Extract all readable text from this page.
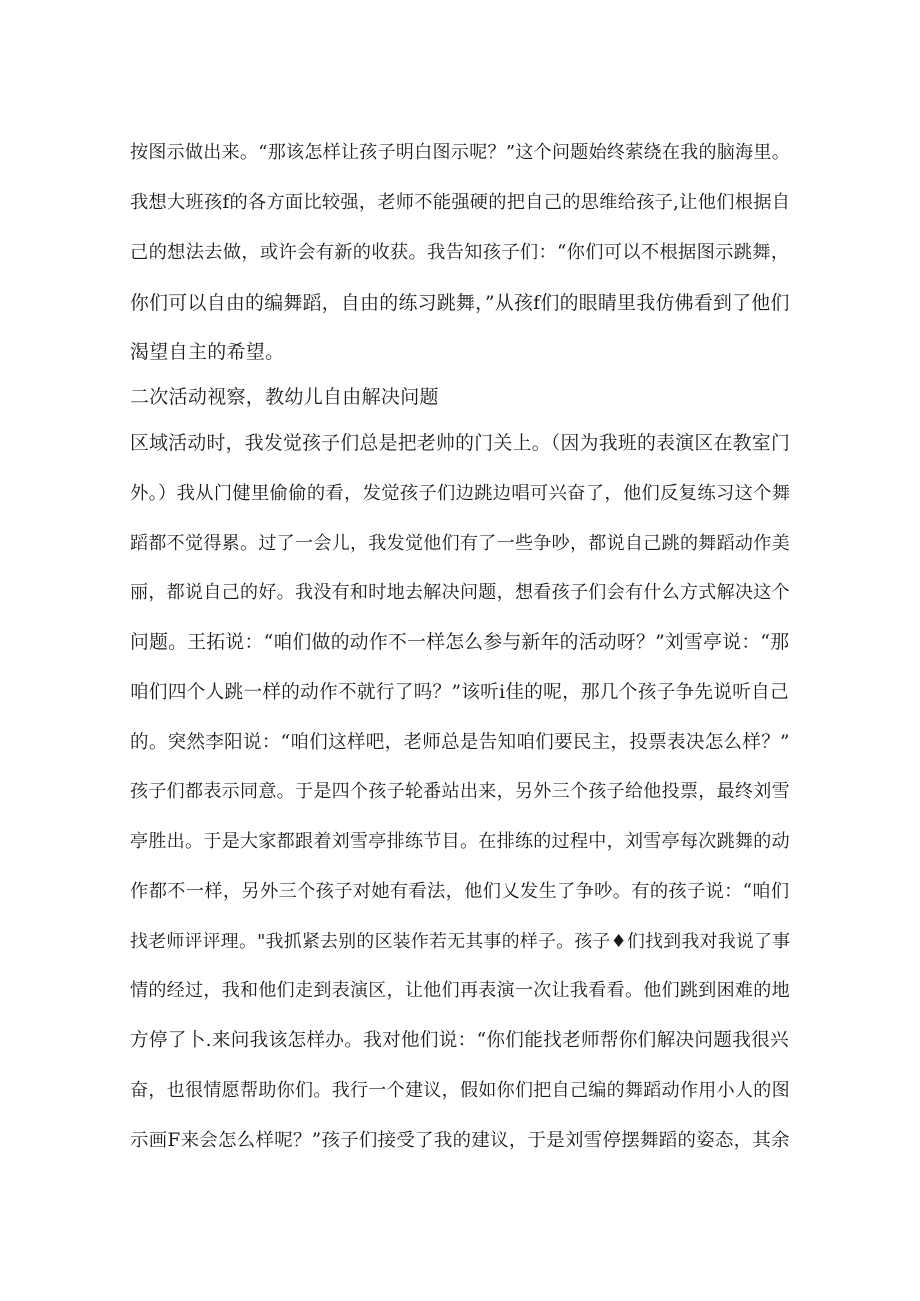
按图示做出来。“那该怎样让孩子明白图示呢？”这个问题始终萦绕在我的脑海里。

我想大班孩f的各方面比较强，老师不能强硬的把自己的思维给孩子,让他们根据自

己的想法去做，或许会有新的收获。我告知孩子们：“你们可以不根据图示跳舞，

你们可以自由的编舞蹈，自由的练习跳舞，”从孩f们的眼睛里我仿佛看到了他们

渴望自主的希望。

二次活动视察，教幼儿自由解决问题

区域活动时，我发觉孩子们总是把老帅的门关上。（因为我班的表演区在教室门

外。）我从门健里偷偷的看，发觉孩子们边跳边唱可兴奋了，他们反复练习这个舞

蹈都不觉得累。过了一会儿，我发觉他们有了一些争吵，都说自己跳的舞蹈动作美

丽，都说自己的好。我没有和时地去解决问题，想看孩子们会有什么方式解决这个

问题。王拓说：“咱们做的动作不一样怎么参与新年的活动呀？”刘雪亭说：“那

咱们四个人跳一样的动作不就行了吗？”该听i佳的呢，那几个孩子争先说听自己

的。突然李阳说：“咱们这样吧，老师总是告知咱们要民主，投票表决怎么样？”

孩子们都表示同意。于是四个孩子轮番站出来，另外三个孩子给他投票，最终刘雪

亭胜出。于是大家都跟着刘雪亭排练节目。在排练的过程中，刘雪亭每次跳舞的动

作都不一样，另外三个孩子对她有看法，他们乂发生了争吵。有的孩子说：“咱们

找老师评评理。"我抓紧去别的区装作若无其事的样子。孩子♦们找到我对我说了事

情的经过，我和他们走到表演区，让他们再表演一次让我看看。他们跳到困难的地

方停了卜.来问我该怎样办。我对他们说：“你们能找老师帮你们解决问题我很兴

奋，也很情愿帮助你们。我行一个建议，假如你们把自己编的舞蹈动作用小人的图

示画F来会怎么样呢？”孩子们接受了我的建议，于是刘雪停摆舞蹈的姿态，其余
